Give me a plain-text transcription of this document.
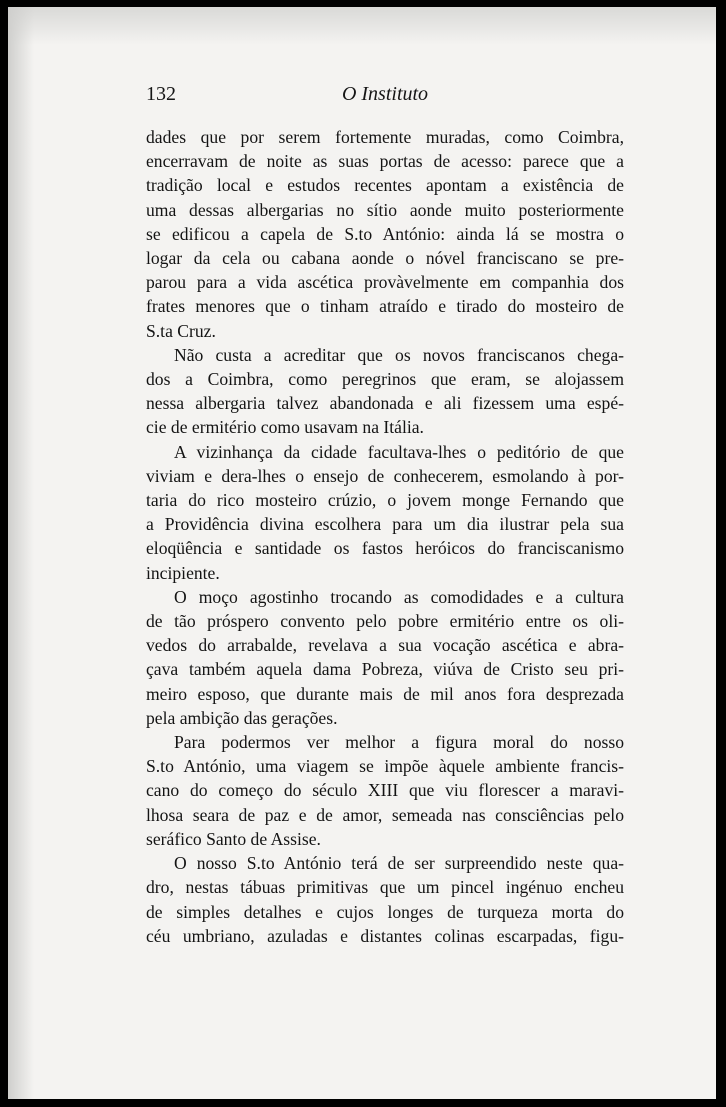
132	O Instituto

dades que por serem fortemente muradas, como Coimbra,
encerravam de noite as suas portas de acesso: parece que a
tradição local e estudos recentes apontam a existência de
uma dessas albergarias no sítio aonde muito posteriormente
se edificou a capela de S.to António: ainda lá se mostra o
logar da cela ou cabana aonde o nóvel franciscano se pre-
parou para a vida ascética provàvelmente em companhia dos
frates menores que o tinham atraído e tirado do mosteiro de
S.ta Cruz.

Não custa a acreditar que os novos franciscanos chega-
dos a Coimbra, como peregrinos que eram, se alojassem
nessa albergaria talvez abandonada e ali fizessem uma espé-
cie de ermitério como usavam na Itália.

A vizinhança da cidade facultava-lhes o peditório de que
viviam e dera-lhes o ensejo de conhecerem, esmolando à por-
taria do rico mosteiro crúzio, o jovem monge Fernando que
a Providência divina escolhera para um dia ilustrar pela sua
eloqüência e santidade os fastos heróicos do franciscanismo
incipiente.

O moço agostinho trocando as comodidades e a cultura
de tão próspero convento pelo pobre ermitério entre os oli-
vedos do arrabalde, revelava a sua vocação ascética e abra-
çava também aquela dama Pobreza, viúva de Cristo seu pri-
meiro esposo, que durante mais de mil anos fora desprezada
pela ambição das gerações.

Para podermos ver melhor a figura moral do nosso
S.to António, uma viagem se impõe àquele ambiente francis-
cano do começo do século XIII que viu florescer a maravi-
lhosa seara de paz e de amor, semeada nas consciências pelo
seráfico Santo de Assise.

O nosso S.to António terá de ser surpreendido neste qua-
dro, nestas tábuas primitivas que um pincel ingénuo encheu
de simples detalhes e cujos longes de turqueza morta do
céu umbriano, azuladas e distantes colinas escarpadas, figu-
